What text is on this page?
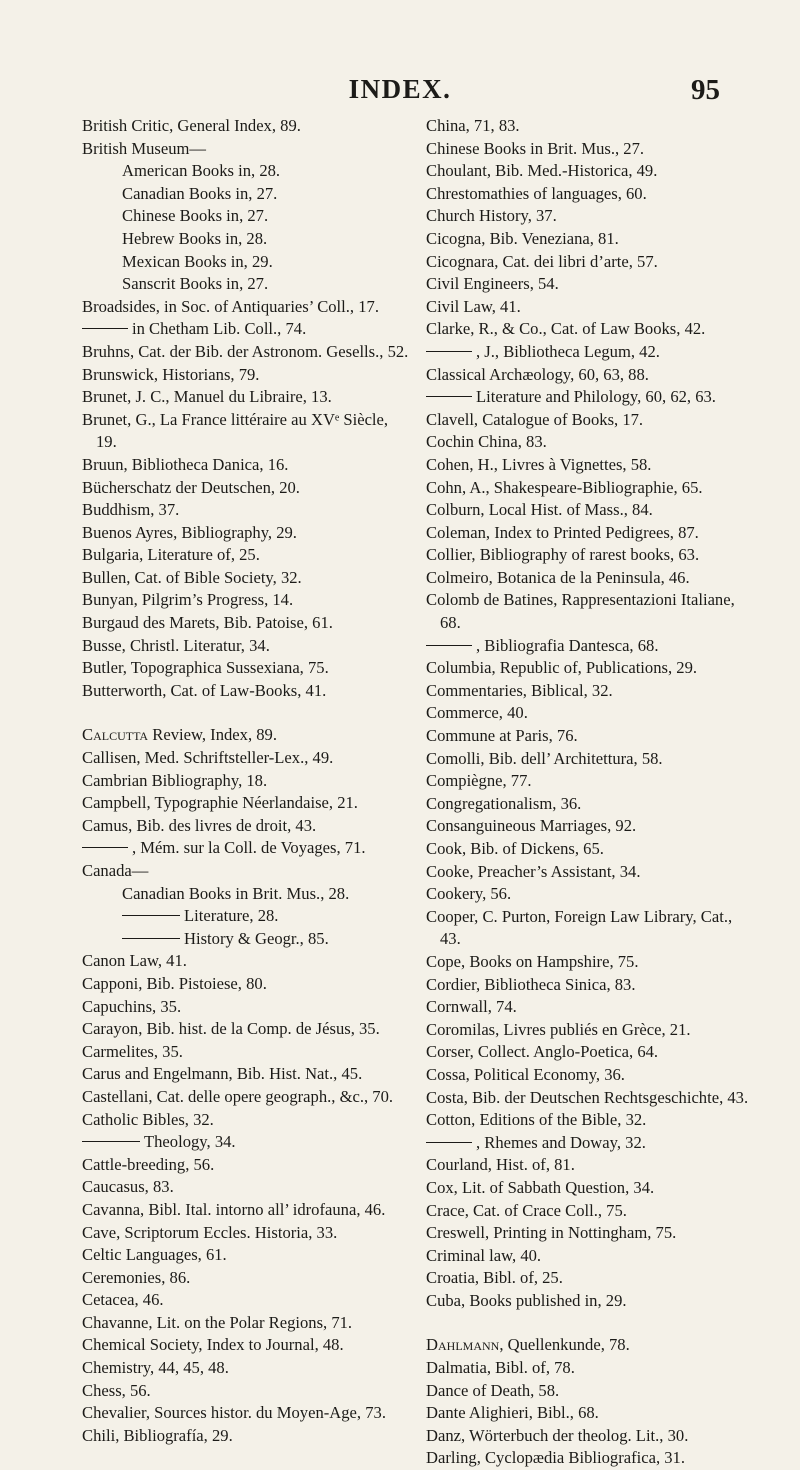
INDEX.	95
British Critic, General Index, 89.
British Museum—
American Books in, 28.
Canadian Books in, 27.
Chinese Books in, 27.
Hebrew Books in, 28.
Mexican Books in, 29.
Sanscrit Books in, 27.
Broadsides, in Soc. of Antiquaries’ Coll., 17.
in Chetham Lib. Coll., 74.
Bruhns, Cat. der Bib. der Astronom. Gesells., 52.
Brunswick, Historians, 79.
Brunet, J. C., Manuel du Libraire, 13.
Brunet, G., La France littéraire au XVᵉ Siècle, 19.
Bruun, Bibliotheca Danica, 16.
Bücherschatz der Deutschen, 20.
Buddhism, 37.
Buenos Ayres, Bibliography, 29.
Bulgaria, Literature of, 25.
Bullen, Cat. of Bible Society, 32.
Bunyan, Pilgrim’s Progress, 14.
Burgaud des Marets, Bib. Patoise, 61.
Busse, Christl. Literatur, 34.
Butler, Topographica Sussexiana, 75.
Butterworth, Cat. of Law-Books, 41.
Calcutta Review, Index, 89.
Callisen, Med. Schriftsteller-Lex., 49.
Cambrian Bibliography, 18.
Campbell, Typographie Néerlandaise, 21.
Camus, Bib. des livres de droit, 43.
, Mém. sur la Coll. de Voyages, 71.
Canada—
Canadian Books in Brit. Mus., 28.
Literature, 28.
History & Geogr., 85.
Canon Law, 41.
Capponi, Bib. Pistoiese, 80.
Capuchins, 35.
Carayon, Bib. hist. de la Comp. de Jésus, 35.
Carmelites, 35.
Carus and Engelmann, Bib. Hist. Nat., 45.
Castellani, Cat. delle opere geograph., &c., 70.
Catholic Bibles, 32.
Theology, 34.
Cattle-breeding, 56.
Caucasus, 83.
Cavanna, Bibl. Ital. intorno all’ idrofauna, 46.
Cave, Scriptorum Eccles. Historia, 33.
Celtic Languages, 61.
Ceremonies, 86.
Cetacea, 46.
Chavanne, Lit. on the Polar Regions, 71.
Chemical Society, Index to Journal, 48.
Chemistry, 44, 45, 48.
Chess, 56.
Chevalier, Sources histor. du Moyen-Age, 73.
Chili, Bibliografía, 29.
China, 71, 83.
Chinese Books in Brit. Mus., 27.
Choulant, Bib. Med.-Historica, 49.
Chrestomathies of languages, 60.
Church History, 37.
Cicogna, Bib. Veneziana, 81.
Cicognara, Cat. dei libri d’arte, 57.
Civil Engineers, 54.
Civil Law, 41.
Clarke, R., & Co., Cat. of Law Books, 42.
, J., Bibliotheca Legum, 42.
Classical Archæology, 60, 63, 88.
Literature and Philology, 60, 62, 63.
Clavell, Catalogue of Books, 17.
Cochin China, 83.
Cohen, H., Livres à Vignettes, 58.
Cohn, A., Shakespeare-Bibliographie, 65.
Colburn, Local Hist. of Mass., 84.
Coleman, Index to Printed Pedigrees, 87.
Collier, Bibliography of rarest books, 63.
Colmeiro, Botanica de la Peninsula, 46.
Colomb de Batines, Rappresentazioni Italiane, 68.
, Bibliografia Dantesca, 68.
Columbia, Republic of, Publications, 29.
Commentaries, Biblical, 32.
Commerce, 40.
Commune at Paris, 76.
Comolli, Bib. dell’ Architettura, 58.
Compiègne, 77.
Congregationalism, 36.
Consanguineous Marriages, 92.
Cook, Bib. of Dickens, 65.
Cooke, Preacher’s Assistant, 34.
Cookery, 56.
Cooper, C. Purton, Foreign Law Library, Cat., 43.
Cope, Books on Hampshire, 75.
Cordier, Bibliotheca Sinica, 83.
Cornwall, 74.
Coromilas, Livres publiés en Grèce, 21.
Corser, Collect. Anglo-Poetica, 64.
Cossa, Political Economy, 36.
Costa, Bib. der Deutschen Rechtsgeschichte, 43.
Cotton, Editions of the Bible, 32.
, Rhemes and Doway, 32.
Courland, Hist. of, 81.
Cox, Lit. of Sabbath Question, 34.
Crace, Cat. of Crace Coll., 75.
Creswell, Printing in Nottingham, 75.
Criminal law, 40.
Croatia, Bibl. of, 25.
Cuba, Books published in, 29.
Dahlmann, Quellenkunde, 78.
Dalmatia, Bibl. of, 78.
Dance of Death, 58.
Dante Alighieri, Bibl., 68.
Danz, Wörterbuch der theolog. Lit., 30.
Darling, Cyclopædia Bibliografica, 31.
